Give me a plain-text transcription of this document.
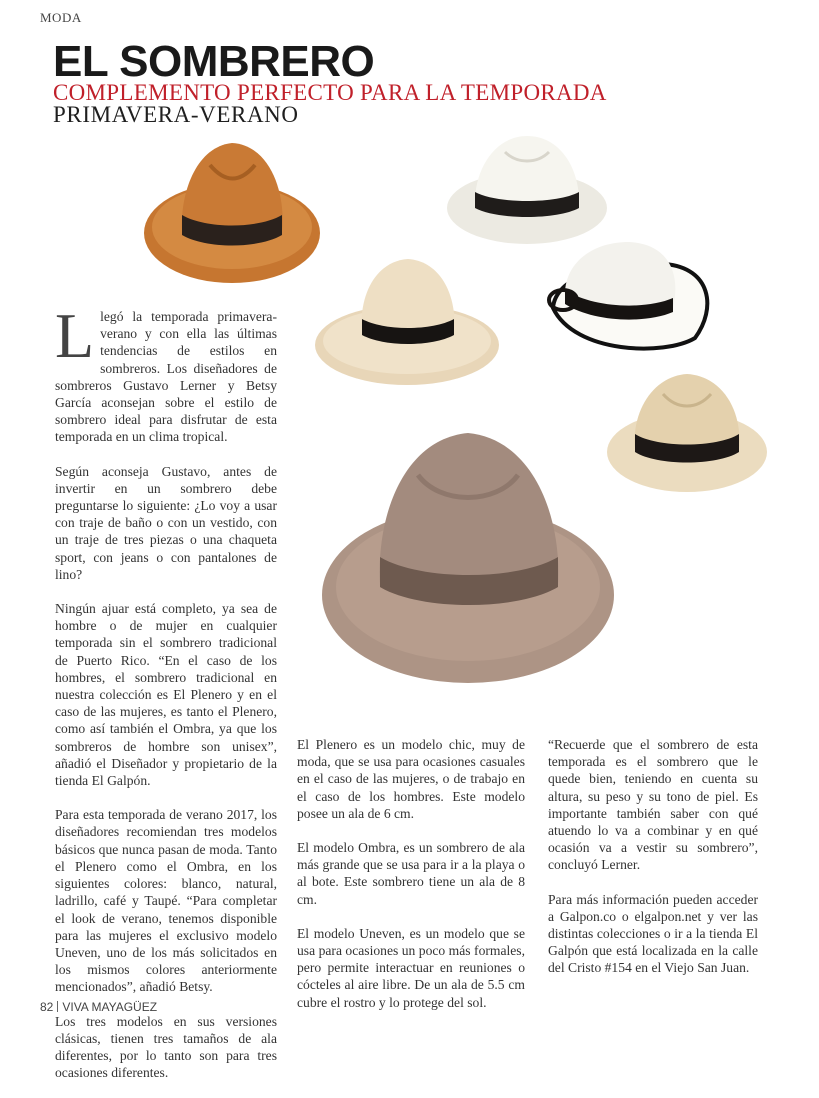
MODA
EL SOMBRERO
COMPLEMENTO PERFECTO PARA LA TEMPORADA
PRIMAVERA-VERANO

Llegó la temporada primavera-verano y con ella las últimas tendencias de estilos en sombreros. Los diseñadores de sombreros Gustavo Lerner y Betsy García aconsejan sobre el estilo de sombrero ideal para disfrutar de esta temporada en un clima tropical.

Según aconseja Gustavo, antes de invertir en un sombrero debe preguntarse lo siguiente: ¿Lo voy a usar con traje de baño o con un vestido, con un traje de tres piezas o una chaqueta sport, con jeans o con pantalones de lino?

Ningún ajuar está completo, ya sea de hombre o de mujer en cualquier temporada sin el sombrero tradicional de Puerto Rico. “En el caso de los hombres, el sombrero tradicional en nuestra colección es El Plenero y en el caso de las mujeres, es tanto el Plenero, como así también el Ombra, ya que los sombreros de hombre son unisex”, añadió el Diseñador y propietario de la tienda El Galpón.

Para esta temporada de verano 2017, los diseñadores recomiendan tres modelos básicos que nunca pasan de moda. Tanto el Plenero como el Ombra, en los siguientes colores: blanco, natural, ladrillo, café y Taupé. “Para completar el look de verano, tenemos disponible para las mujeres el exclusivo modelo Uneven, uno de los más solicitados en los mismos colores anteriormente mencionados”, añadió Betsy.

Los tres modelos en sus versiones clásicas, tienen tres tamaños de ala diferentes, por lo tanto son para tres ocasiones diferentes.

El Plenero es un modelo chic, muy de moda, que se usa para ocasiones casuales en el caso de las mujeres, o de trabajo en el caso de los hombres. Este modelo posee un ala de 6 cm.

El modelo Ombra, es un sombrero de ala más grande que se usa para ir a la playa o al bote. Este sombrero tiene un ala de 8 cm.

El modelo Uneven, es un modelo que se usa para ocasiones un poco más formales, pero permite interactuar en reuniones o cócteles al aire libre. De un ala de 5.5 cm cubre el rostro y lo protege del sol.

“Recuerde que el sombrero de esta temporada es el sombrero que le quede bien, teniendo en cuenta su altura, su peso y su tono de piel. Es importante también saber con qué atuendo lo va a combinar y en qué ocasión va a vestir su sombrero”, concluyó Lerner.

Para más información pueden acceder a Galpon.co o elgalpon.net y ver las distintas colecciones o ir a la tienda El Galpón que está localizada en la calle del Cristo #154 en el Viejo San Juan.

82 VIVA MAYAGÜEZ
